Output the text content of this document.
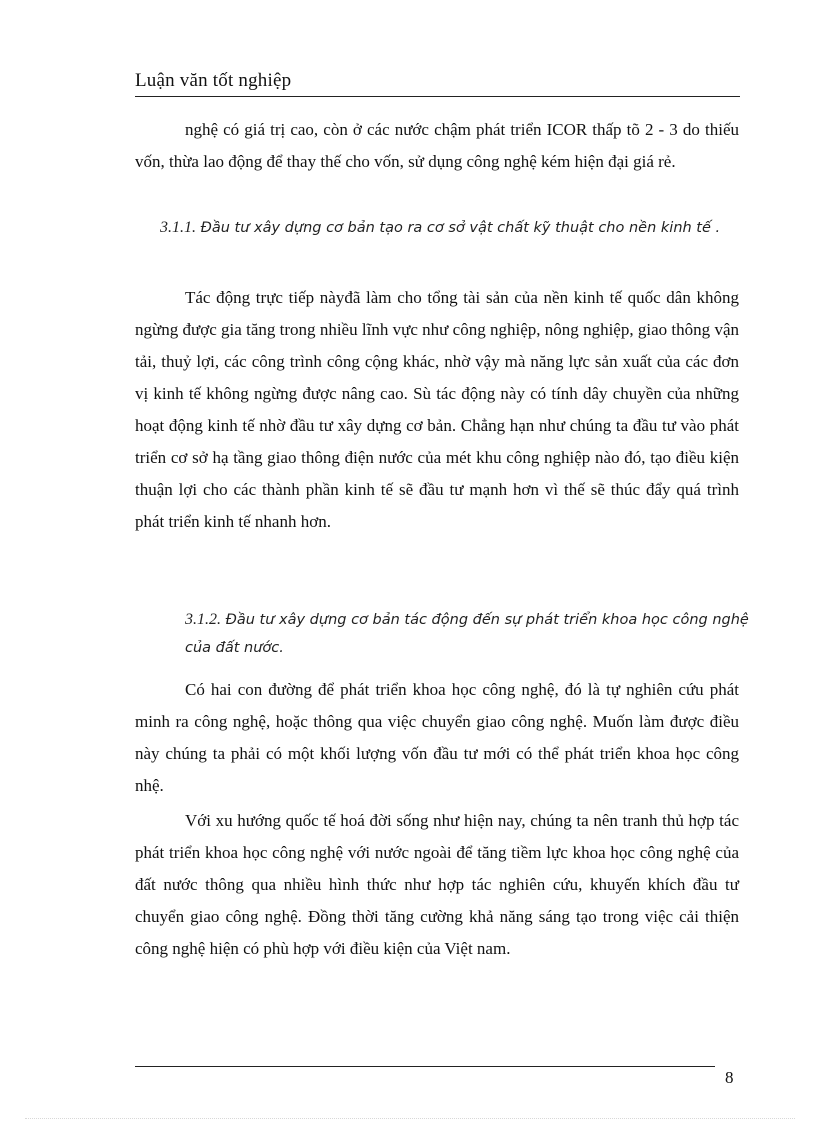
Luận văn tốt nghiệp

nghệ có giá trị cao, còn ở các nước chậm phát triển ICOR thấp tõ 2 - 3 do thiếu vốn, thừa lao động để thay thế cho vốn, sử dụng công nghệ kém hiện đại giá rẻ.

3.1.1. Đầu tư xây dựng cơ bản tạo ra cơ sở vật chất kỹ thuật cho nền kinh tế .

Tác động trực tiếp nàyđã làm cho tổng tài sản của nền kinh tế quốc dân không ngừng được gia tăng trong nhiều lĩnh vực như công nghiệp, nông nghiệp, giao thông vận tải, thuỷ lợi, các công trình công cộng khác, nhờ vậy mà năng lực sản xuất của các đơn vị kinh tế không ngừng được nâng cao. Sù tác động này có tính dây chuyền của những hoạt động kinh tế nhờ đầu tư xây dựng cơ bản. Chẳng hạn như chúng ta đầu tư vào phát triển cơ sở hạ tầng giao thông điện nước của mét khu công nghiệp nào đó, tạo điều kiện thuận lợi cho các thành phần kinh tế sẽ đầu tư mạnh hơn vì thế sẽ thúc đẩy quá trình phát triển kinh tế nhanh hơn.

3.1.2. Đầu tư xây dựng cơ bản tác động đến sự phát triển khoa học công nghệ của đất nước.

Có hai con đường để phát triển khoa học công nghệ, đó là tự nghiên cứu phát minh ra công nghệ, hoặc thông qua việc chuyển giao công nghệ. Muốn làm được điều này chúng ta phải có một khối lượng vốn đầu tư mới có thể phát triển khoa học công nhệ.

Với xu hướng quốc tế hoá đời sống như hiện nay, chúng ta nên tranh thủ hợp tác phát triển khoa học công nghệ với nước ngoài để tăng tiềm lực khoa học công nghệ của đất nước thông qua nhiều hình thức như hợp tác nghiên cứu, khuyến khích đầu tư chuyển giao công nghệ. Đồng thời tăng cường khả năng sáng tạo trong việc cải thiện công nghệ hiện có phù hợp với điều kiện của Việt nam.

8
